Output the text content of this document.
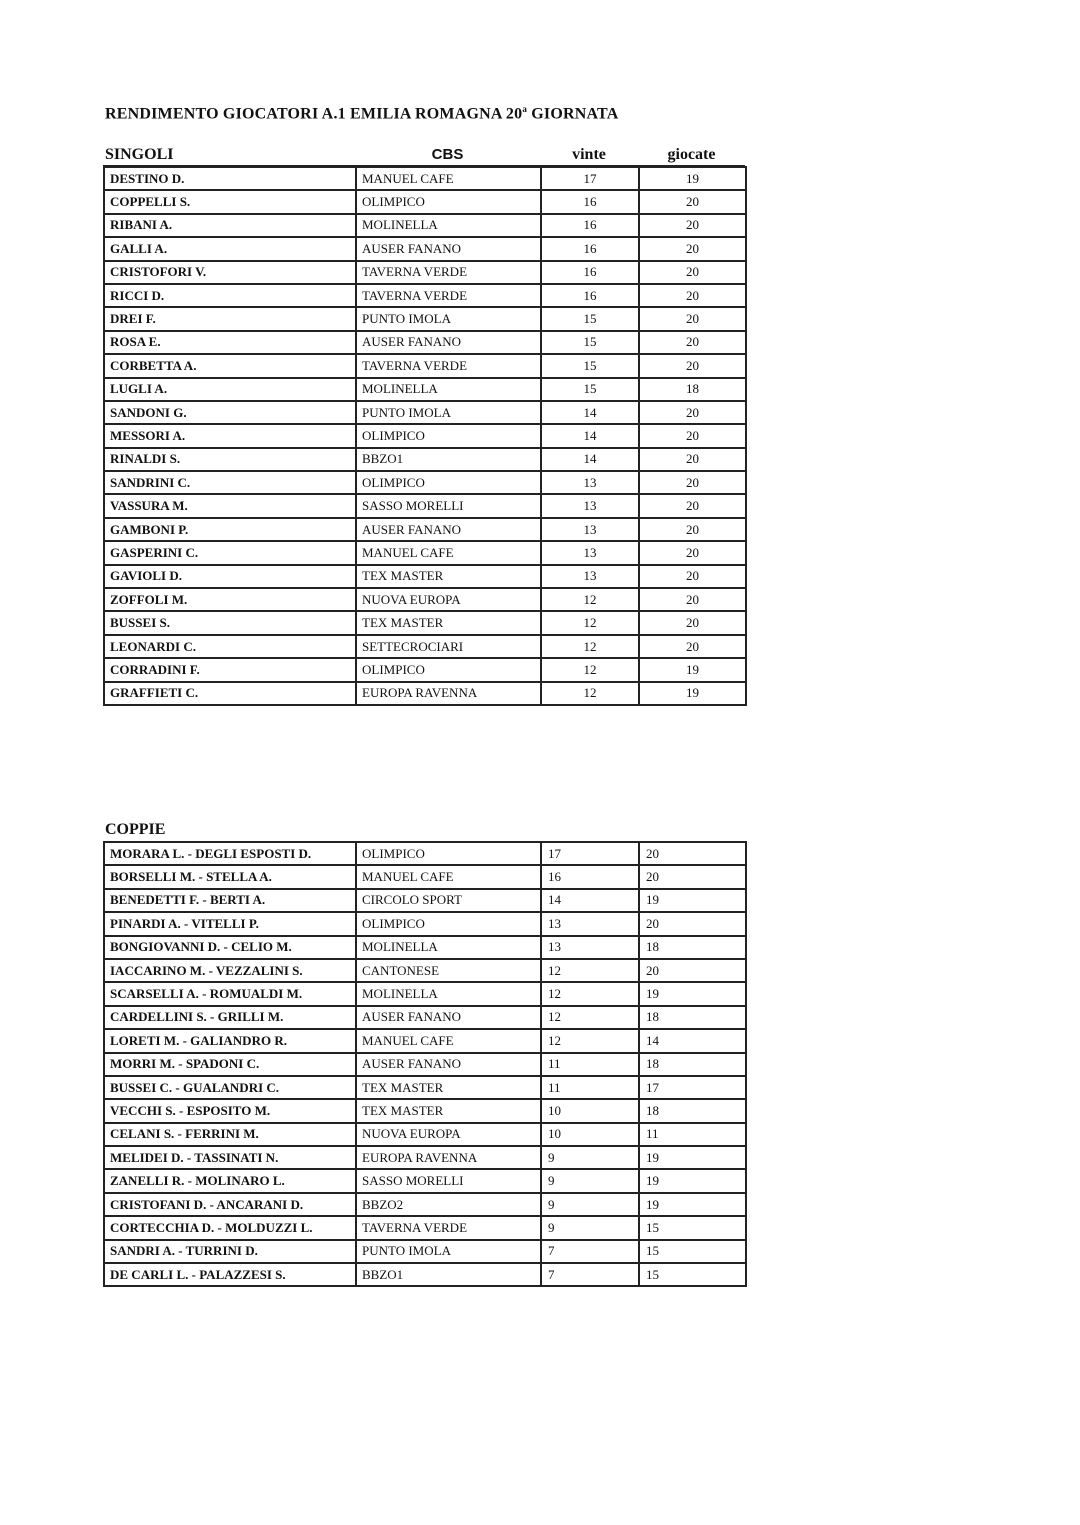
RENDIMENTO GIOCATORI A.1 EMILIA ROMAGNA 20$^a$ GIORNATA
SINGOLI	CBS	vinte	giocate
DESTINO D.	MANUEL CAFE	17	19
COPPELLI S.	OLIMPICO	16	20
RIBANI A.	MOLINELLA	16	20
GALLI A.	AUSER FANANO	16	20
CRISTOFORI V.	TAVERNA VERDE	16	20
RICCI D.	TAVERNA VERDE	16	20
DREI F.	PUNTO IMOLA	15	20
ROSA E.	AUSER FANANO	15	20
CORBETTA A.	TAVERNA VERDE	15	20
LUGLI A.	MOLINELLA	15	18
SANDONI G.	PUNTO IMOLA	14	20
MESSORI A.	OLIMPICO	14	20
RINALDI S.	BBZO1	14	20
SANDRINI C.	OLIMPICO	13	20
VASSURA M.	SASSO MORELLI	13	20
GAMBONI P.	AUSER FANANO	13	20
GASPERINI C.	MANUEL CAFE	13	20
GAVIOLI D.	TEX MASTER	13	20
ZOFFOLI M.	NUOVA EUROPA	12	20
BUSSEI S.	TEX MASTER	12	20
LEONARDI C.	SETTECROCIARI	12	20
CORRADINI F.	OLIMPICO	12	19
GRAFFIETI C.	EUROPA RAVENNA	12	19
COPPIE
MORARA L. - DEGLI ESPOSTI D.	OLIMPICO	17	20
BORSELLI M. - STELLA A.	MANUEL CAFE	16	20
BENEDETTI F. - BERTI A.	CIRCOLO SPORT	14	19
PINARDI A. - VITELLI P.	OLIMPICO	13	20
BONGIOVANNI D. - CELIO M.	MOLINELLA	13	18
IACCARINO M. - VEZZALINI S.	CANTONESE	12	20
SCARSELLI A. - ROMUALDI M.	MOLINELLA	12	19
CARDELLINI S. - GRILLI M.	AUSER FANANO	12	18
LORETI M. - GALIANDRO R.	MANUEL CAFE	12	14
MORRI M. - SPADONI C.	AUSER FANANO	11	18
BUSSEI C. - GUALANDRI C.	TEX MASTER	11	17
VECCHI S. - ESPOSITO M.	TEX MASTER	10	18
CELANI S. - FERRINI M.	NUOVA EUROPA	10	11
MELIDEI D. - TASSINATI N.	EUROPA RAVENNA	9	19
ZANELLI R. - MOLINARO L.	SASSO MORELLI	9	19
CRISTOFANI D. - ANCARANI D.	BBZO2	9	19
CORTECCHIA D. - MOLDUZZI L.	TAVERNA VERDE	9	15
SANDRI A. - TURRINI D.	PUNTO IMOLA	7	15
DE CARLI L. - PALAZZESI S.	BBZO1	7	15
